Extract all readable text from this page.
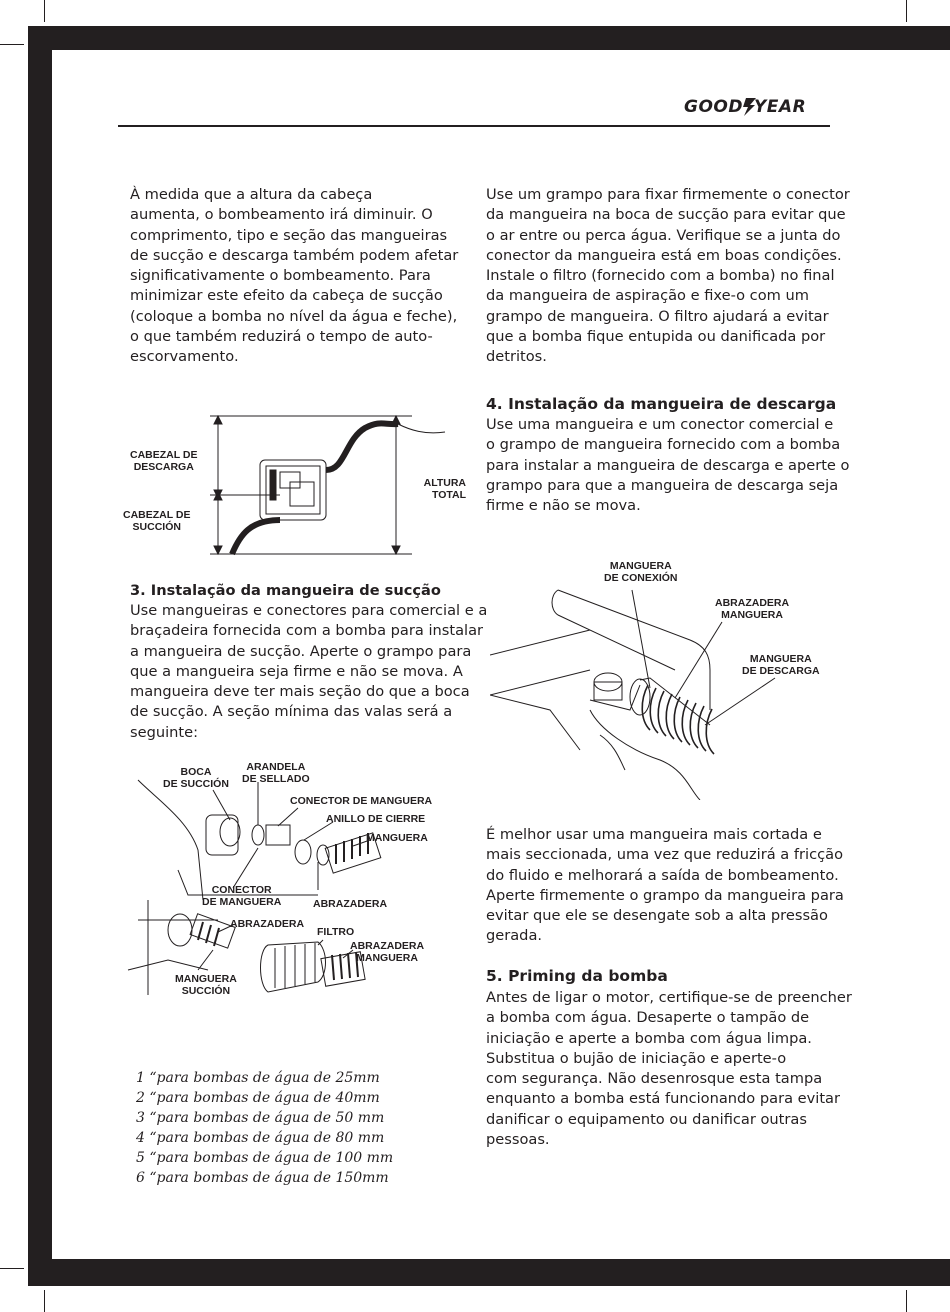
GOOD YEAR
À medida que a altura da cabeça
aumenta, o bombeamento irá diminuir. O
comprimento, tipo e seção das mangueiras
de sucção e descarga também podem afetar
significativamente o bombeamento. Para
minimizar este efeito da cabeça de sucção
(coloque a bomba no nível da água e feche),
o que também reduzirá o tempo de auto-
escorvamento.
CABEZAL DE
DESCARGA
CABEZAL DE
SUCCIÓN
ALTURA
TOTAL
3. Instalação da mangueira de sucção
Use mangueiras e conectores para comercial e a
braçadeira fornecida com a bomba para instalar
a mangueira de sucção. Aperte o grampo para
que a mangueira seja firme e não se mova. A
mangueira deve ter mais seção do que a boca
de sucção. A seção mínima das valas será a
seguinte:
BOCA
DE SUCCIÓN
ARANDELA
DE SELLADO
CONECTOR DE MANGUERA
ANILLO DE CIERRE
MANGUERA
CONECTOR
DE MANGUERA	ABRAZADERA
ABRAZADERA
FILTRO
ABRAZADERA
MANGUERA
MANGUERA
SUCCIÓN
1 “para bombas de água de 25mm
2 “para bombas de água de 40mm
3 “para bombas de água de 50 mm
4 “para bombas de água de 80 mm
5 “para bombas de água de 100 mm
6 “para bombas de água de 150mm
Use um grampo para fixar firmemente o conector
da mangueira na boca de sucção para evitar que
o ar entre ou perca água. Verifique se a junta do
conector da mangueira está em boas condições.
Instale o filtro (fornecido com a bomba) no final
da mangueira de aspiração e fixe-o com um
grampo de mangueira. O filtro ajudará a evitar
que a bomba fique entupida ou danificada por
detritos.
4. Instalação da mangueira de descarga
Use uma mangueira e um conector comercial e
o grampo de mangueira fornecido com a bomba
para instalar a mangueira de descarga e aperte o
grampo para que a mangueira de descarga seja
firme e não se mova.
MANGUERA
DE CONEXIÓN
ABRAZADERA
MANGUERA
MANGUERA
DE DESCARGA
É melhor usar uma mangueira mais cortada e
mais seccionada, uma vez que reduzirá a fricção
do fluido e melhorará a saída de bombeamento.
Aperte firmemente o grampo da mangueira para
evitar que ele se desengate sob a alta pressão
gerada.
5. Priming da bomba
Antes de ligar o motor, certifique-se de preencher
a bomba com água. Desaperte o tampão de
iniciação e aperte a bomba com água limpa.
Substitua o bujão de iniciação e aperte-o
com segurança. Não desenrosque esta tampa
enquanto a bomba está funcionando para evitar
danificar o equipamento ou danificar outras
pessoas.
